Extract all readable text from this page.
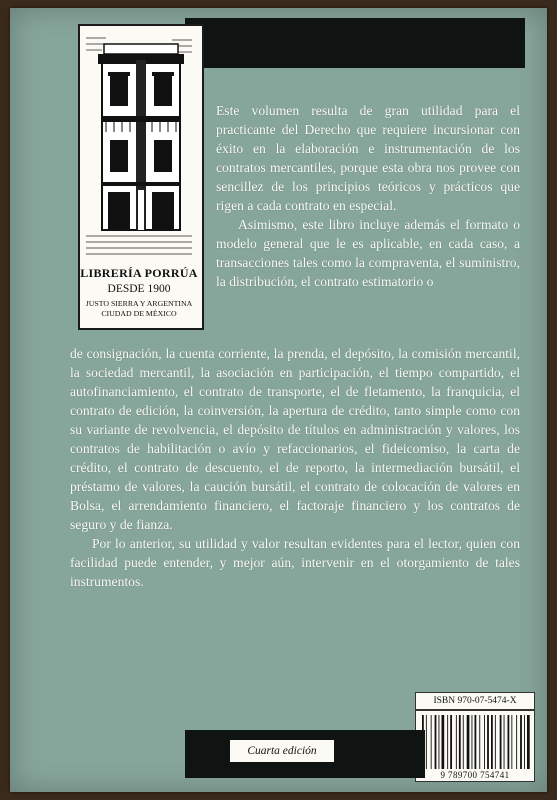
LIBRERÍA PORRÚA
DESDE 1900
JUSTO SIERRA Y ARGENTINA
CIUDAD DE MÉXICO

Este volumen resulta de gran utilidad para el practicante del Derecho que requiere incursionar con éxito en la elaboración e instrumentación de los contratos mercantiles, porque esta obra nos provee con sencillez de los principios teóricos y prácticos que rigen a cada contrato en especial.

Asimismo, este libro incluye además el formato o modelo general que le es aplicable, en cada caso, a transacciones tales como la compraventa, el suministro, la distribución, el contrato estimatorio o

de consignación, la cuenta corriente, la prenda, el depósito, la comisión mercantil, la sociedad mercantil, la asociación en participación, el tiempo compartido, el autofinanciamiento, el contrato de transporte, el de fletamento, la franquicia, el contrato de edición, la coinversión, la apertura de crédito, tanto simple como con su variante de revolvencia, el depósito de títulos en administración y valores, los contratos de habilitación o avío y refaccionarios, el fideicomiso, la carta de crédito, el contrato de descuento, el de reporto, la intermediación bursátil, el préstamo de valores, la caución bursátil, el contrato de colocación de valores en Bolsa, el arrendamiento financiero, el factoraje financiero y los contratos de seguro y de fianza.

Por lo anterior, su utilidad y valor resultan evidentes para el lector, quien con facilidad puede entender, y mejor aún, intervenir en el otorgamiento de tales instrumentos.

ISBN 970-07-5474-X
9 789700 754741
Cuarta edición
